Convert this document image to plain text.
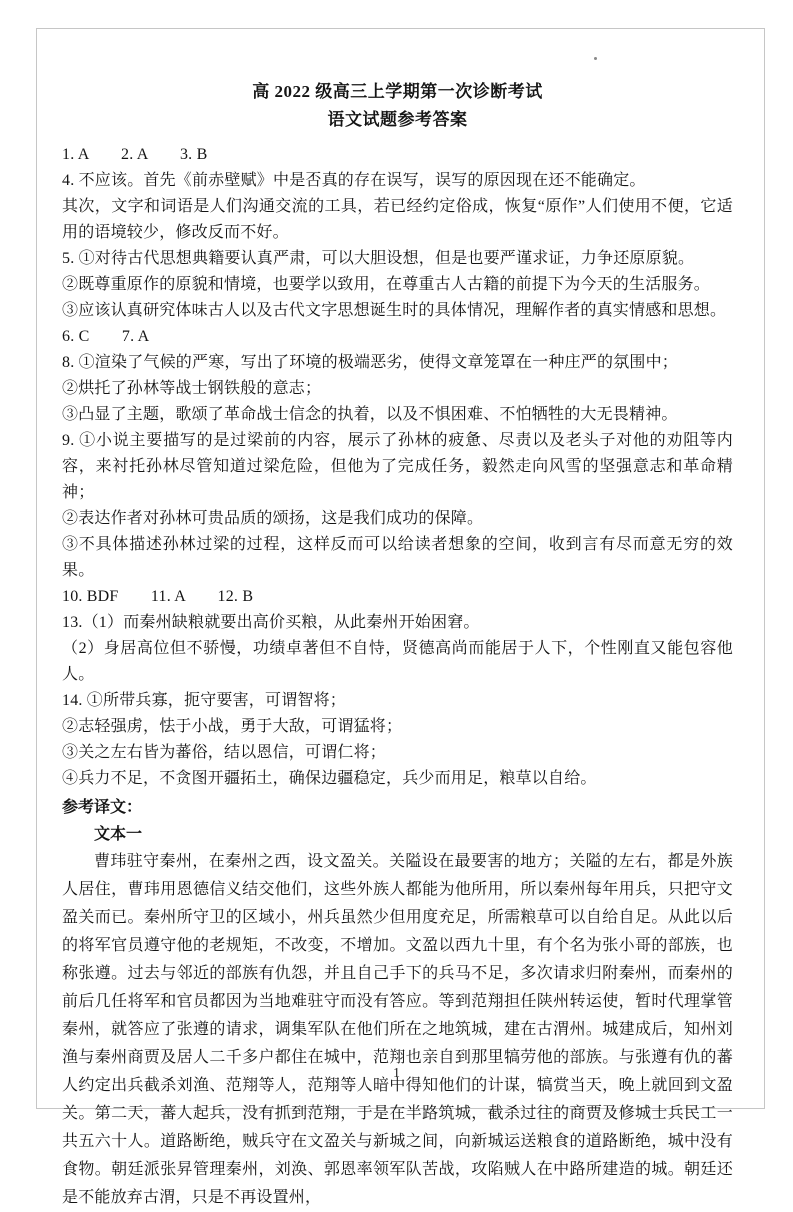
高 2022 级高三上学期第一次诊断考试
语文试题参考答案

1. A　　2. A　　3. B

4. 不应该。首先《前赤壁赋》中是否真的存在误写，误写的原因现在还不能确定。

其次，文字和词语是人们沟通交流的工具，若已经约定俗成，恢复“原作”人们使用不便，它适用的语境较少，修改反而不好。

5. ①对待古代思想典籍要认真严肃，可以大胆设想，但是也要严谨求证，力争还原原貌。

②既尊重原作的原貌和情境，也要学以致用，在尊重古人古籍的前提下为今天的生活服务。

③应该认真研究体味古人以及古代文字思想诞生时的具体情况，理解作者的真实情感和思想。

6. C　　7. A

8. ①渲染了气候的严寒，写出了环境的极端恶劣，使得文章笼罩在一种庄严的氛围中；

②烘托了孙林等战士钢铁般的意志；

③凸显了主题，歌颂了革命战士信念的执着，以及不惧困难、不怕牺牲的大无畏精神。

9. ①小说主要描写的是过梁前的内容，展示了孙林的疲惫、尽责以及老头子对他的劝阻等内容，来衬托孙林尽管知道过梁危险，但他为了完成任务，毅然走向风雪的坚强意志和革命精神；

②表达作者对孙林可贵品质的颂扬，这是我们成功的保障。

③不具体描述孙林过梁的过程，这样反而可以给读者想象的空间，收到言有尽而意无穷的效果。

10. BDF　　11. A　　12. B

13.（1）而秦州缺粮就要出高价买粮，从此秦州开始困窘。

（2）身居高位但不骄慢，功绩卓著但不自恃，贤德高尚而能居于人下，个性刚直又能包容他人。

14. ①所带兵寡，扼守要害，可谓智将；

②志轻强虏，怯于小战，勇于大敌，可谓猛将；

③关之左右皆为蕃俗，结以恩信，可谓仁将；

④兵力不足，不贪图开疆拓土，确保边疆稳定，兵少而用足，粮草以自给。

参考译文：

文本一

曹玮驻守秦州，在秦州之西，设文盈关。关隘设在最要害的地方；关隘的左右，都是外族人居住，曹玮用恩德信义结交他们，这些外族人都能为他所用，所以秦州每年用兵，只把守文盈关而已。秦州所守卫的区域小，州兵虽然少但用度充足，所需粮草可以自给自足。从此以后的将军官员遵守他的老规矩，不改变，不增加。文盈以西九十里，有个名为张小哥的部族，也称张遵。过去与邻近的部族有仇怨，并且自己手下的兵马不足，多次请求归附秦州，而秦州的前后几任将军和官员都因为当地难驻守而没有答应。等到范翔担任陕州转运使，暂时代理掌管秦州，就答应了张遵的请求，调集军队在他们所在之地筑城，建在古渭州。城建成后，知州刘渔与秦州商贾及居人二千多户都住在城中，范翔也亲自到那里犒劳他的部族。与张遵有仇的蕃人约定出兵截杀刘渔、范翔等人，范翔等人暗中得知他们的计谋，犒赏当天，晚上就回到文盈关。第二天，蕃人起兵，没有抓到范翔，于是在半路筑城，截杀过往的商贾及修城士兵民工一共五六十人。道路断绝，贼兵守在文盈关与新城之间，向新城运送粮食的道路断绝，城中没有食物。朝廷派张昇管理秦州，刘涣、郭恩率领军队苦战，攻陷贼人在中路所建造的城。朝廷还是不能放弃古渭，只是不再设置州，

1
